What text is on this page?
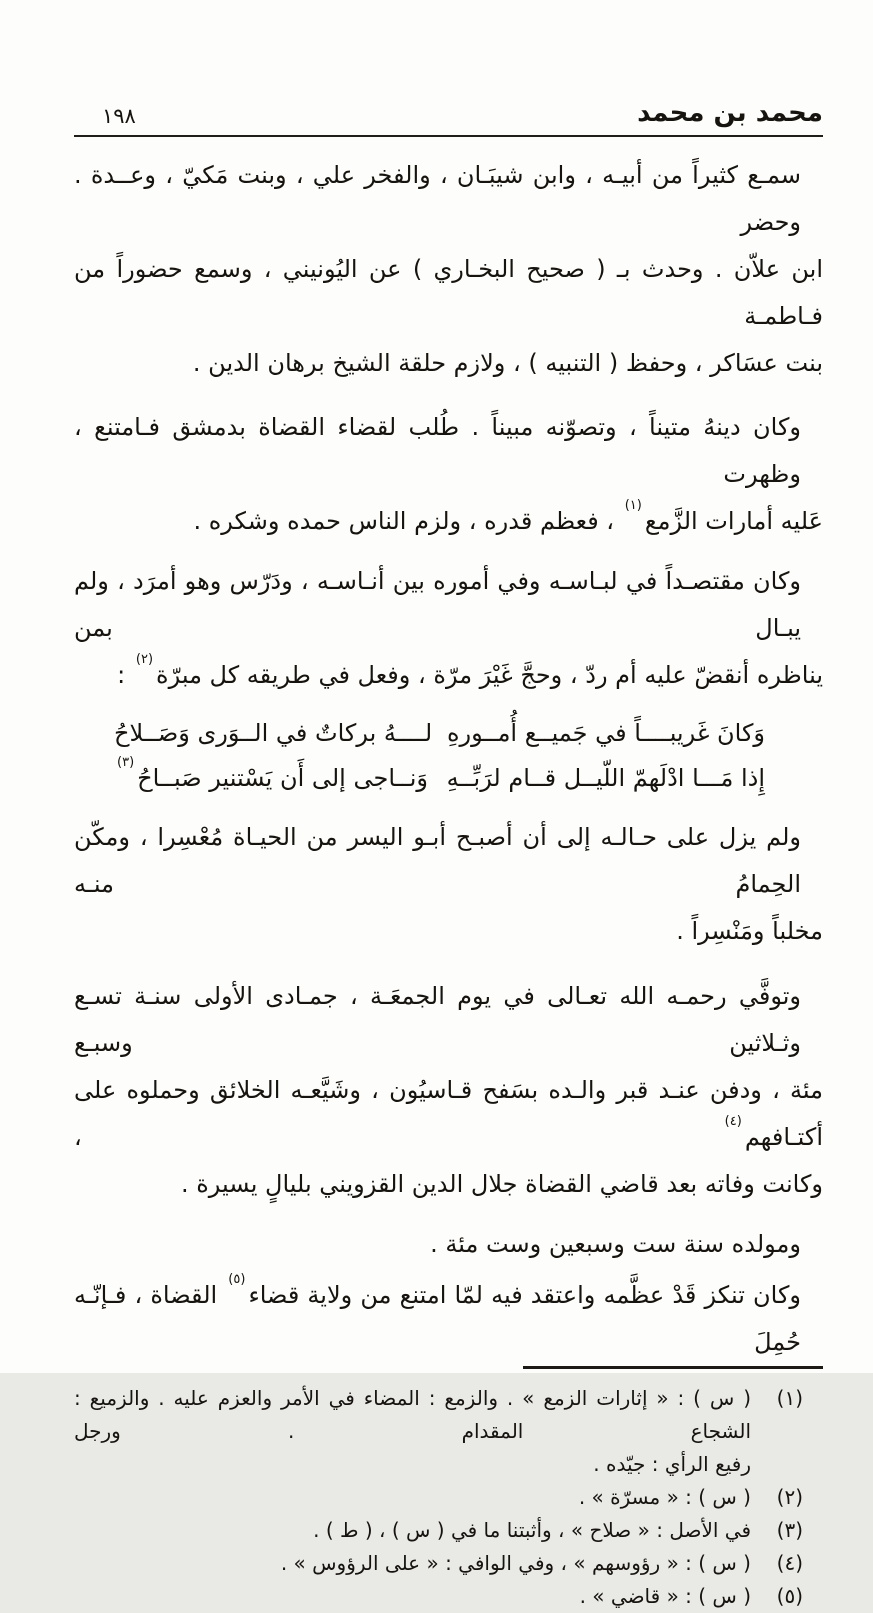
١٩٨	محمد بن محمد
سمـع كثيراً من أبيـه ، وابن شيبَـان ، والفخر علي ، وبنت مَكيّ ، وعــدة . وحضر
ابن علاّن . وحدث بـ ( صحيح البخـاري ) عن اليُونيني ، وسمع حضوراً من فـاطمـة
بنت عسَاكر ، وحفظ ( التنبيه ) ، ولازم حلقة الشيخ برهان الدين .
وكان دينهُ متيناً ، وتصوّنه مبيناً . طُلب لقضاء القضاة بدمشق فـامتنع ، وظهرت
عَليه أمارات الزَّمع$^{(١)}$ ، فعظم قدره ، ولزم الناس حمده وشكره .
وكان مقتصـداً في لبـاسـه وفي أموره بين أنـاسـه ، ودَرّس وهو أمرَد ، ولم يبـال بمن
يناظره أنقضّ عليه أم ردّ ، وحجَّ غَيْرَ مرّة ، وفعل في طريقه كل مبرّة$^{(٢)}$ :
وَكانَ غَريبــــاً في جَميــع أُمــورهِ
لــــهُ بركاتٌ في الــوَرى وَصَــلاحُ
إِذا مَـــا ادْلَهمّ اللّيــل قــام لرَبِّــهِ
وَنــاجى إلى أَن يَسْتنير صَبــاحُ$^{(٣)}$
ولم يزل على حـالـه إلى أن أصبـح أبـو اليسر من الحيـاة مُعْسِرا ، ومكّن الحِمامُ منـه
مخلباً ومَنْسِراً .
وتوفَّي رحمـه الله تعـالى في يوم الجمعَـة ، جمـادى الأولى سنـة تسـع وثـلاثين وسبـع
مئة ، ودفن عنـد قبر والـده بسَفح قـاسيُون ، وشَيَّعـه الخلائق وحملوه على أكتـافهم$^{(٤)}$ ،
وكانت وفاته بعد قاضي القضاة جلال الدين القزويني بليالٍ يسيرة .
ومولده سنة ست وسبعين وست مئة .
وكان تنكز قَدْ عظَّمه واعتقد فيه لمّا امتنع من ولاية قضاء$^{(٥)}$ القضاة ، فـإنّـه حُمِلَ
(١)
( س ) : « إثارات الزمع » . والزمع : المضاء في الأمر والعزم عليه . والزميع : الشجاع المقدام . ورجل
رفيع الرأي : جيّده .
(٢)
( س ) : « مسرّة » .
(٣)
في الأصل : « صلاح » ، وأثبتنا ما في ( س ) ، ( ط ) .
(٤)
( س ) : « رؤوسهم » ، وفي الوافي : « على الرؤوس » .
(٥)
( س ) : « قاضي » .
